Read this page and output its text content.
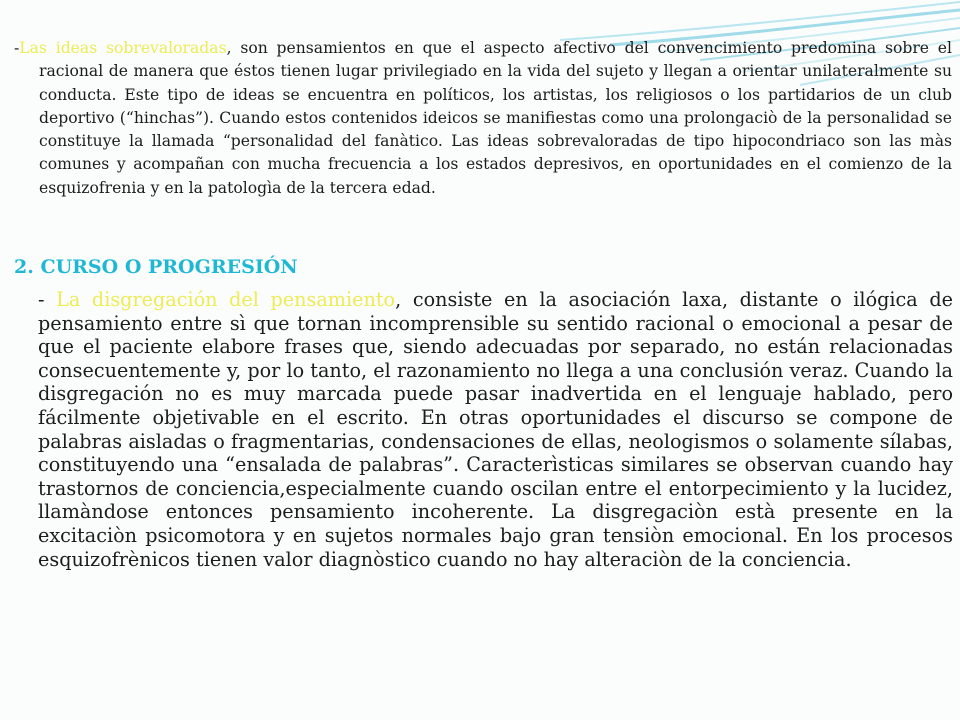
-Las ideas sobrevaloradas, son pensamientos en que el aspecto afectivo del convencimiento predomina sobre el racional de manera que éstos tienen lugar privilegiado en la vida del sujeto y llegan a orientar unilateralmente su conducta. Este tipo de ideas se encuentra en políticos, los artistas, los religiosos o los partidarios de un club deportivo (“hinchas”). Cuando estos contenidos ideicos se manifiestas como una prolongaciò de la personalidad se constituye la llamada “personalidad del fanàtico. Las ideas sobrevaloradas de tipo hipocondriaco son las màs comunes y acompañan con mucha frecuencia a los estados depresivos, en oportunidades en el comienzo de la esquizofrenia y en la patologìa de la tercera edad.

2. CURSO O PROGRESIÓN

- La disgregación del pensamiento, consiste en la asociación laxa, distante o ilógica de pensamiento entre sì que tornan incomprensible su sentido racional o emocional a pesar de que el paciente elabore frases que, siendo adecuadas por separado, no están relacionadas consecuentemente y, por lo tanto, el razonamiento no llega a una conclusión veraz. Cuando la disgregación no es muy marcada puede pasar inadvertida en el lenguaje hablado, pero fácilmente objetivable en el escrito. En otras oportunidades el discurso se compone de palabras aisladas o fragmentarias, condensaciones de ellas, neologismos o solamente sílabas, constituyendo una “ensalada de palabras”. Caracterìsticas similares se observan cuando hay trastornos de conciencia,especialmente cuando oscilan entre el entorpecimiento y la lucidez, llamàndose entonces pensamiento incoherente. La disgregaciòn està presente en la excitaciòn psicomotora y en sujetos normales bajo gran tensiòn emocional. En los procesos esquizofrènicos tienen valor diagnòstico cuando no hay alteraciòn de la conciencia.
